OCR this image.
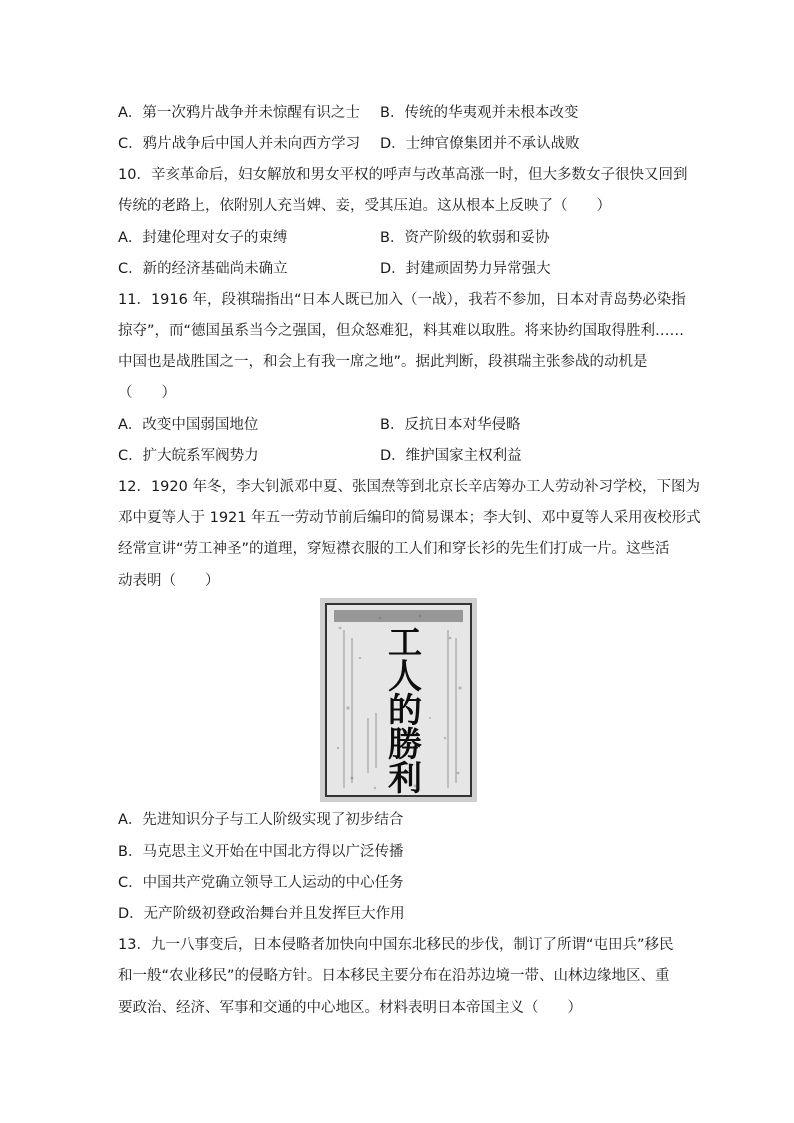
A．第一次鸦片战争并未惊醒有识之士 B．传统的华夷观并未根本改变
C．鸦片战争后中国人并未向西方学习 D．士绅官僚集团并不承认战败
10．辛亥革命后，妇女解放和男女平权的呼声与改革高涨一时，但大多数女子很快又回到
传统的老路上，依附别人充当婢、妾，受其压迫。这从根本上反映了（　　）
A．封建伦理对女子的束缚	B．资产阶级的软弱和妥协
C．新的经济基础尚未确立	D．封建顽固势力异常强大
11．1916 年，段祺瑞指出“日本人既已加入（一战），我若不参加，日本对青岛势必染指
掠夺”，而“德国虽系当今之强国，但众怒难犯，料其难以取胜。将来协约国取得胜利……
中国也是战胜国之一，和会上有我一席之地”。据此判断，段祺瑞主张参战的动机是
（　　）
A．改变中国弱国地位	B．反抗日本对华侵略
C．扩大皖系军阀势力	D．维护国家主权利益
12．1920 年冬，李大钊派邓中夏、张国焘等到北京长辛店筹办工人劳动补习学校，下图为
邓中夏等人于 1921 年五一劳动节前后编印的简易课本；李大钊、邓中夏等人采用夜校形式
经常宣讲“劳工神圣”的道理，穿短襟衣服的工人们和穿长衫的先生们打成一片。这些活
动表明（　　）
工
人
的
勝
利
A．先进知识分子与工人阶级实现了初步结合
B．马克思主义开始在中国北方得以广泛传播
C．中国共产党确立领导工人运动的中心任务
D．无产阶级初登政治舞台并且发挥巨大作用
13．九一八事变后，日本侵略者加快向中国东北移民的步伐，制订了所谓“屯田兵”移民
和一般“农业移民”的侵略方针。日本移民主要分布在沿苏边境一带、山林边缘地区、重
要政治、经济、军事和交通的中心地区。材料表明日本帝国主义（　　）
